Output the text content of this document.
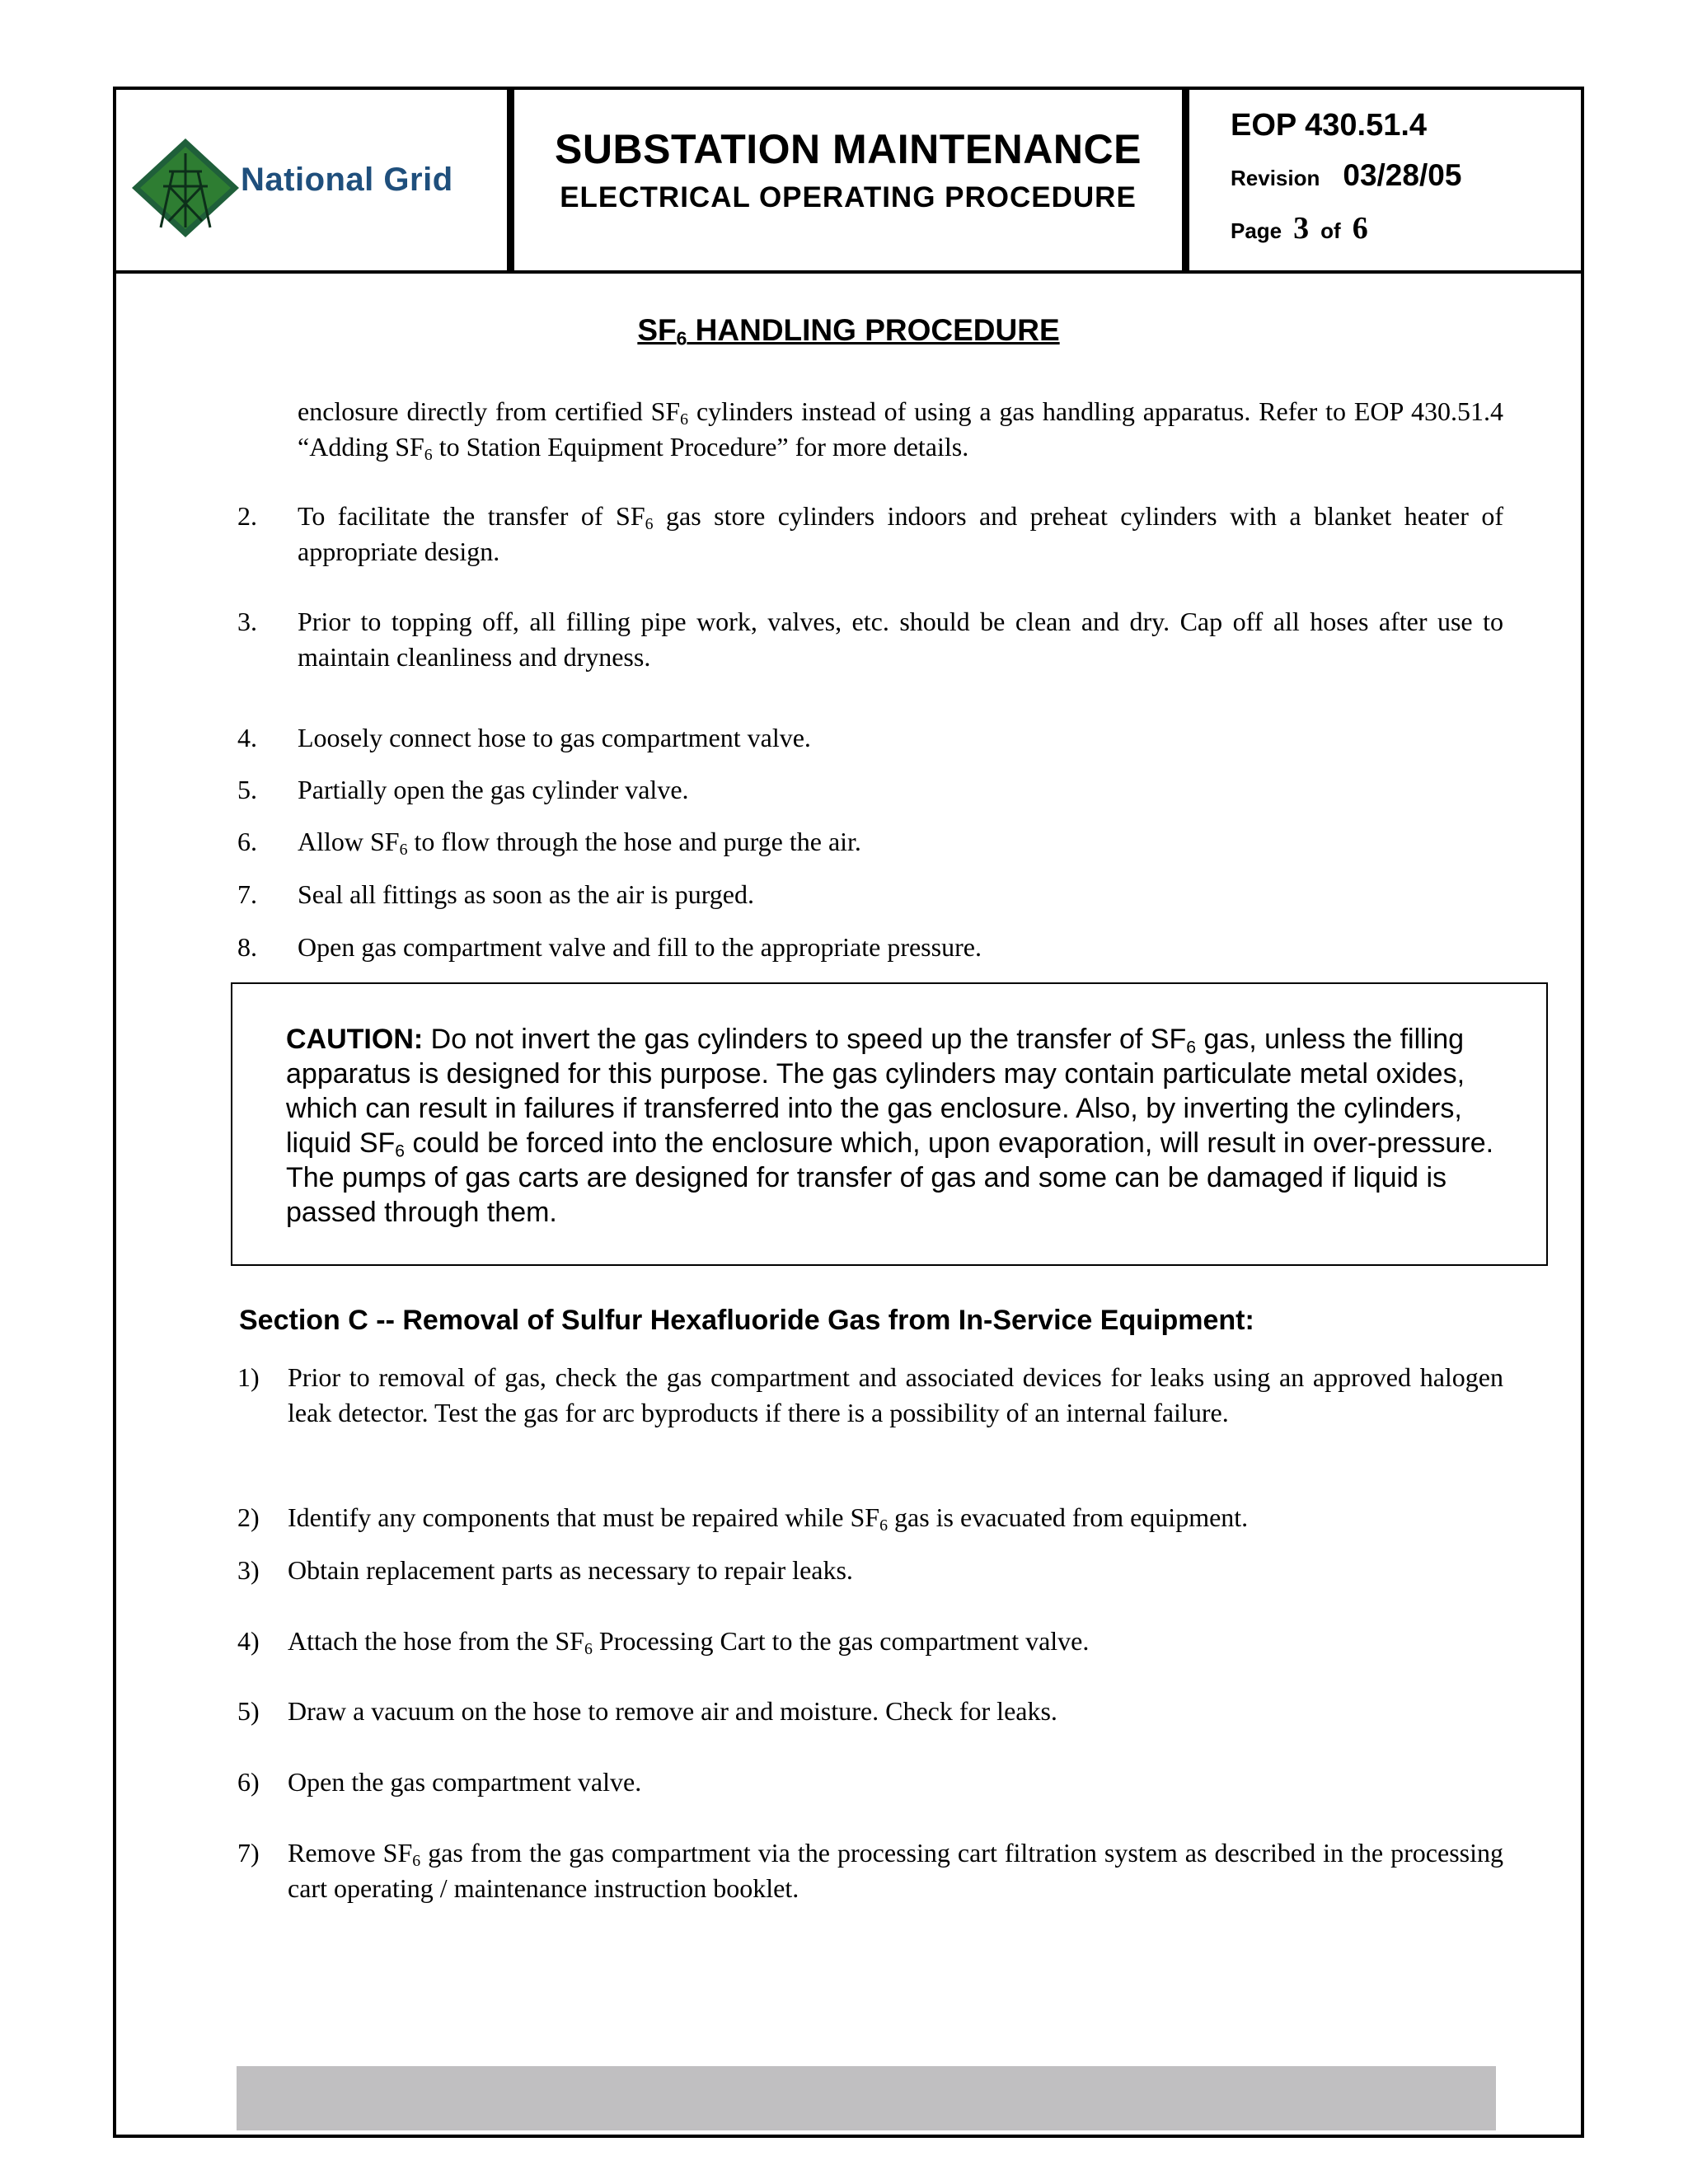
National Grid
SUBSTATION MAINTENANCE
ELECTRICAL OPERATING PROCEDURE
EOP 430.51.4
Revision 03/28/05
Page 3 of 6
$SF_6$ HANDLING PROCEDURE
enclosure directly from certified $SF_6$ cylinders instead of using a gas handling apparatus. Refer to EOP 430.51.4 “Adding $SF_6$ to Station Equipment Procedure” for more details.
2. To facilitate the transfer of $SF_6$ gas store cylinders indoors and preheat cylinders with a blanket heater of appropriate design.
3. Prior to topping off, all filling pipe work, valves, etc. should be clean and dry. Cap off all hoses after use to maintain cleanliness and dryness.
4. Loosely connect hose to gas compartment valve.
5. Partially open the gas cylinder valve.
6. Allow $SF_6$ to flow through the hose and purge the air.
7. Seal all fittings as soon as the air is purged.
8. Open gas compartment valve and fill to the appropriate pressure.
CAUTION: Do not invert the gas cylinders to speed up the transfer of $SF_6$ gas, unless the filling apparatus is designed for this purpose. The gas cylinders may contain particulate metal oxides, which can result in failures if transferred into the gas enclosure. Also, by inverting the cylinders, liquid $SF_6$ could be forced into the enclosure which, upon evaporation, will result in over-pressure. The pumps of gas carts are designed for transfer of gas and some can be damaged if liquid is passed through them.
Section C -- Removal of Sulfur Hexafluoride Gas from In-Service Equipment:
1) Prior to removal of gas, check the gas compartment and associated devices for leaks using an approved halogen leak detector. Test the gas for arc byproducts if there is a possibility of an internal failure.
2) Identify any components that must be repaired while $SF_6$ gas is evacuated from equipment.
3) Obtain replacement parts as necessary to repair leaks.
4) Attach the hose from the $SF_6$ Processing Cart to the gas compartment valve.
5) Draw a vacuum on the hose to remove air and moisture. Check for leaks.
6) Open the gas compartment valve.
7) Remove $SF_6$ gas from the gas compartment via the processing cart filtration system as described in the processing cart operating / maintenance instruction booklet.
